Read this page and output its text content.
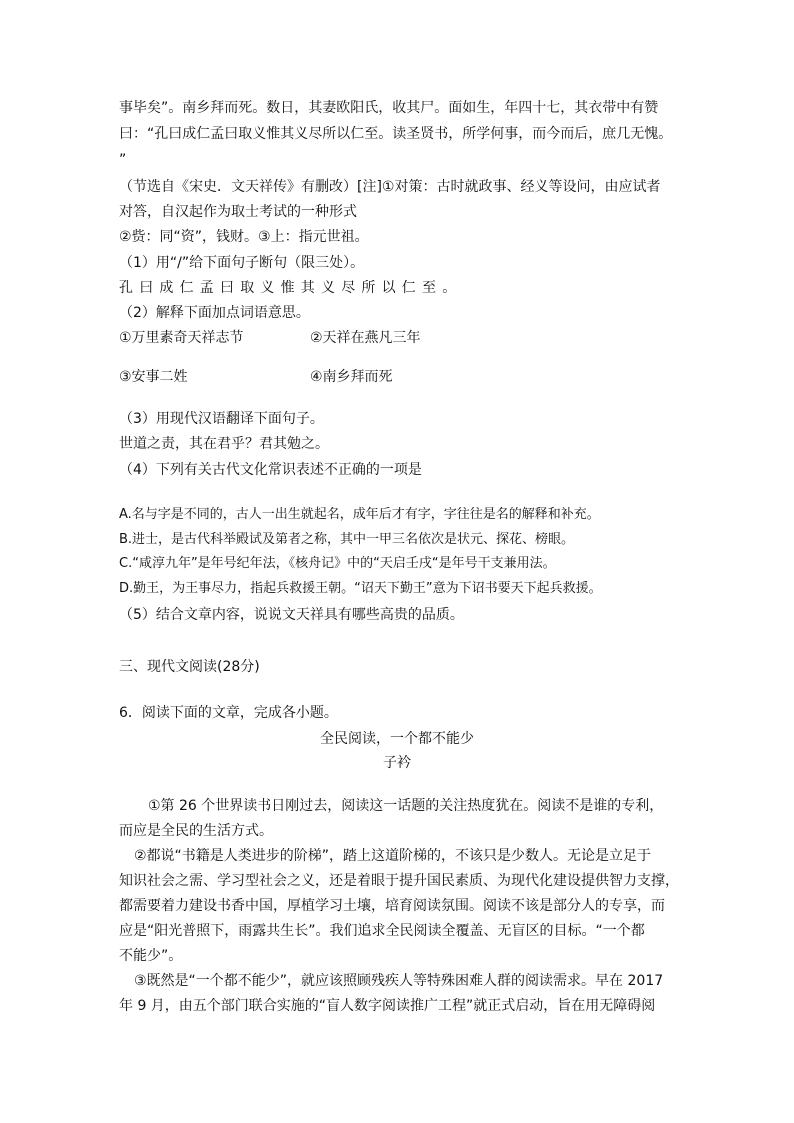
事毕矣”。南乡拜而死。数日，其妻欧阳氏，收其尸。面如生，年四十七，其衣带中有赞
曰：“孔曰成仁孟曰取义惟其义尽所以仁至。读圣贤书，所学何事，而今而后，庶几无愧。
”
（节选自《宋史．文天祥传》有删改）[注]①对策：古时就政事、经义等设问，由应试者
对答，自汉起作为取士考试的一种形式
②赀：同“资”，钱财。③上：指元世祖。
（1）用“/”给下面句子断句（限三处）。
孔曰成仁孟曰取义惟其义尽所以仁至。
（2）解释下面加点词语意思。
①万里素奇天祥志节	②天祥在燕凡三年
③安事二姓	④南乡拜而死
（3）用现代汉语翻译下面句子。
世道之责，其在君乎？君其勉之。
（4）下列有关古代文化常识表述不正确的一项是
A.名与字是不同的，古人一出生就起名，成年后才有字，字往往是名的解释和补充。
B.进士，是古代科举殿试及第者之称，其中一甲三名依次是状元、探花、榜眼。
C.“咸淳九年”是年号纪年法，《核舟记》中的“天启壬戌“是年号干支兼用法。
D.勤王，为王事尽力，指起兵救援王朝。“诏天下勤王”意为下诏书要天下起兵救援。
（5）结合文章内容，说说文天祥具有哪些高贵的品质。
三、现代文阅读(28分)
6．阅读下面的文章，完成各小题。
全民阅读，一个都不能少
子衿
①第 26 个世界读书日刚过去，阅读这一话题的关注热度犹在。阅读不是谁的专利，
而应是全民的生活方式。
②都说“书籍是人类进步的阶梯”，踏上这道阶梯的，不该只是少数人。无论是立足于
知识社会之需、学习型社会之义，还是着眼于提升国民素质、为现代化建设提供智力支撑，
都需要着力建设书香中国，厚植学习土壤，培育阅读氛围。阅读不该是部分人的专享，而
应是“阳光普照下，雨露共生长”。我们追求全民阅读全覆盖、无盲区的目标。“一个都
不能少”。
③既然是“一个都不能少”，就应该照顾残疾人等特殊困难人群的阅读需求。早在 2017
年 9 月，由五个部门联合实施的“盲人数字阅读推广工程”就正式启动，旨在用无障碍阅
